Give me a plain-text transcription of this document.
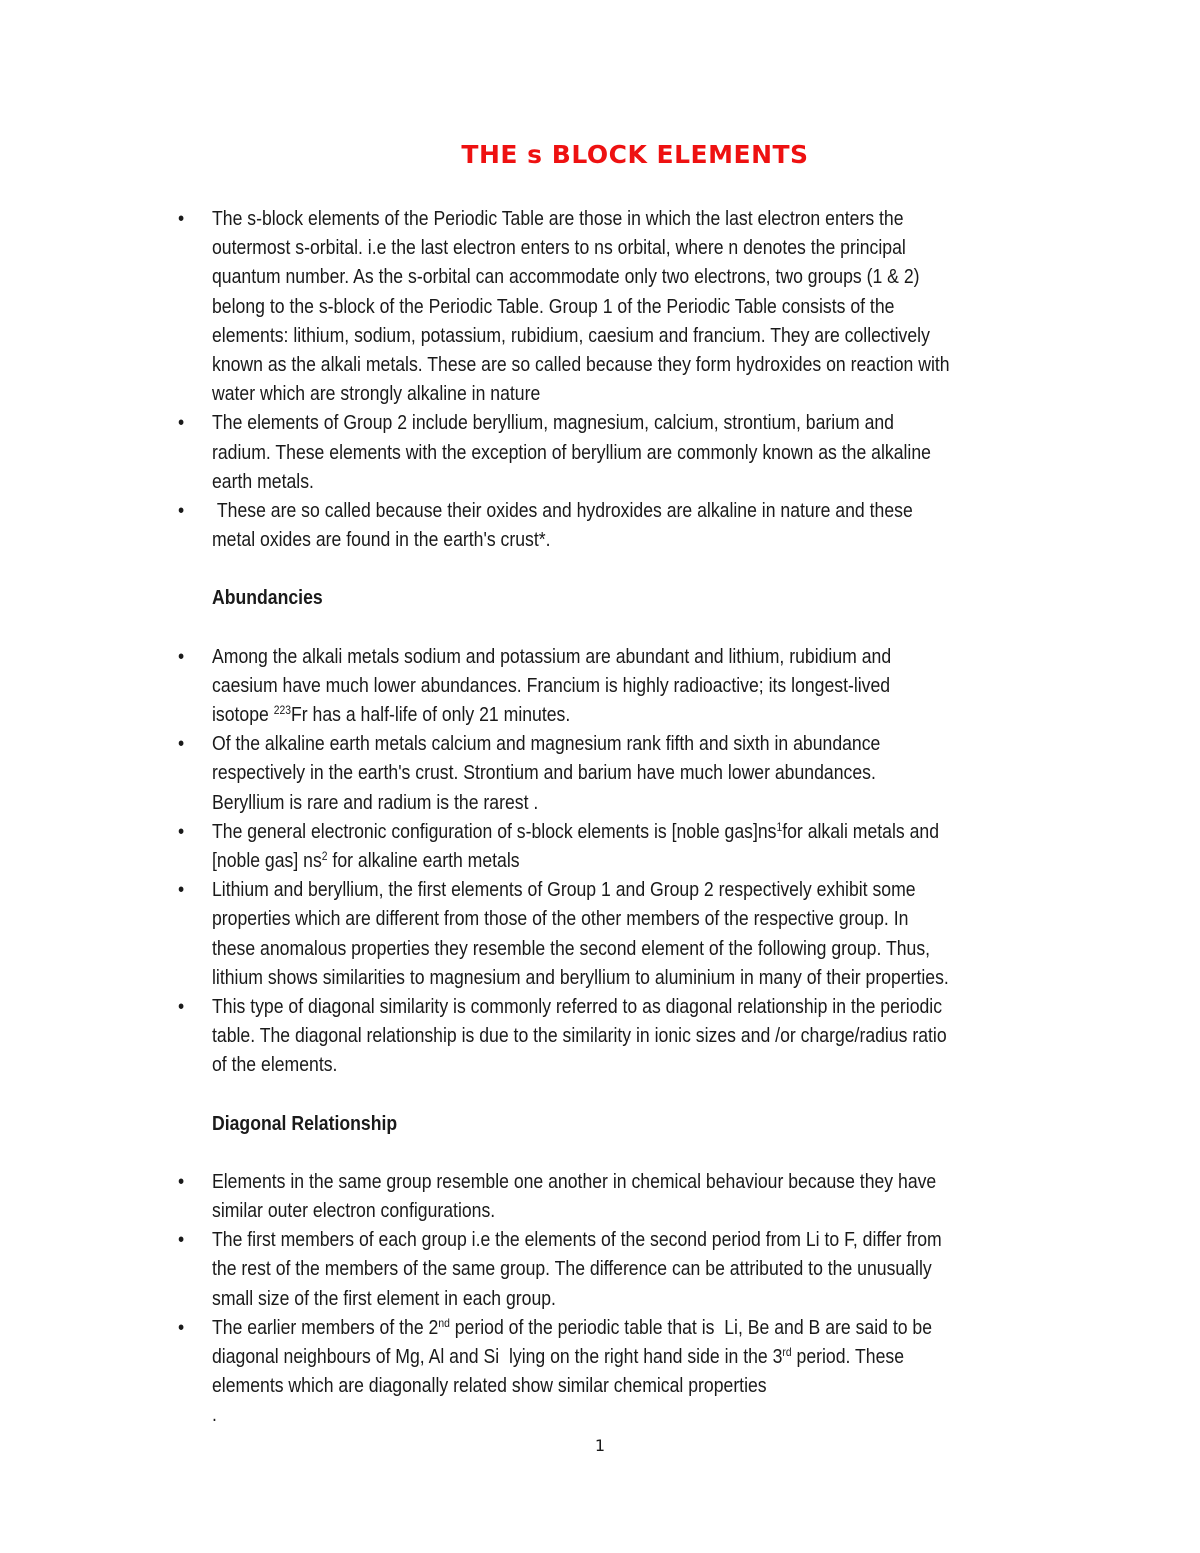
THE s BLOCK ELEMENTS
• The s-block elements of the Periodic Table are those in which the last electron enters the outermost s-orbital. i.e the last electron enters to ns orbital, where n denotes the principal quantum number. As the s-orbital can accommodate only two electrons, two groups (1 & 2) belong to the s-block of the Periodic Table. Group 1 of the Periodic Table consists of the elements: lithium, sodium, potassium, rubidium, caesium and francium. They are collectively known as the alkali metals. These are so called because they form hydroxides on reaction with water which are strongly alkaline in nature
• The elements of Group 2 include beryllium, magnesium, calcium, strontium, barium and radium. These elements with the exception of beryllium are commonly known as the alkaline earth metals.
• These are so called because their oxides and hydroxides are alkaline in nature and these metal oxides are found in the earth's crust*.
Abundancies
• Among the alkali metals sodium and potassium are abundant and lithium, rubidium and caesium have much lower abundances. Francium is highly radioactive; its longest-lived isotope $^{223}$Fr has a half-life of only 21 minutes.
• Of the alkaline earth metals calcium and magnesium rank fifth and sixth in abundance respectively in the earth's crust. Strontium and barium have much lower abundances. Beryllium is rare and radium is the rarest .
• The general electronic configuration of s-block elements is [noble $gas]ns^1for$ alkali metals and [noble gas] $ns^2$ for alkaline earth metals
• Lithium and beryllium, the first elements of Group 1 and Group 2 respectively exhibit some properties which are different from those of the other members of the respective group. In these anomalous properties they resemble the second element of the following group. Thus, lithium shows similarities to magnesium and beryllium to aluminium in many of their properties.
• This type of diagonal similarity is commonly referred to as diagonal relationship in the periodic table. The diagonal relationship is due to the similarity in ionic sizes and /or charge/radius ratio of the elements.
Diagonal Relationship
• Elements in the same group resemble one another in chemical behaviour because they have similar outer electron configurations.
• The first members of each group i.e the elements of the second period from Li to F, differ from the rest of the members of the same group. The difference can be attributed to the unusually small size of the first element in each group.
• The earlier members of the 2nd period of the periodic table that is  Li, Be and B are said to be diagonal neighbours of Mg, Al and Si  lying on the right hand side in the 3rd period. These elements which are diagonally related show similar chemical properties
.
1
